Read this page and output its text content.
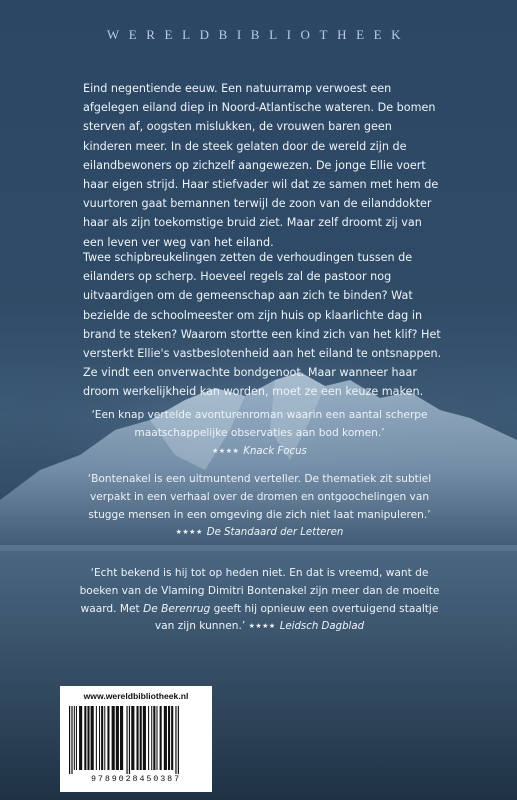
WERELDBIBLIOTHEEK

Eind negentiende eeuw. Een natuurramp verwoest een afgelegen eiland diep in Noord-Atlantische wateren. De bomen sterven af, oogsten mislukken, de vrouwen baren geen kinderen meer. In de steek gelaten door de wereld zijn de eilandbewoners op zichzelf aangewezen. De jonge Ellie voert haar eigen strijd. Haar stiefvader wil dat ze samen met hem de vuurtoren gaat bemannen terwijl de zoon van de eilanddokter haar als zijn toekomstige bruid ziet. Maar zelf droomt zij van een leven ver weg van het eiland.

Twee schipbreukelingen zetten de verhoudingen tussen de eilanders op scherp. Hoeveel regels zal de pastoor nog uitvaardigen om de gemeenschap aan zich te binden? Wat bezielde de schoolmeester om zijn huis op klaarlichte dag in brand te steken? Waarom stortte een kind zich van het klif? Het versterkt Ellie's vastbeslotenheid aan het eiland te ontsnappen. Ze vindt een onverwachte bondgenoot. Maar wanneer haar droom werkelijkheid kan worden, moet ze een keuze maken.

‘Een knap vertelde avonturenroman waarin een aantal scherpe maatschappelijke observaties aan bod komen.’
★★★★ Knack Focus

‘Bontenakel is een uitmuntend verteller. De thematiek zit subtiel verpakt in een verhaal over de dromen en ontgoochelingen van stugge mensen in een omgeving die zich niet laat manipuleren.’
★★★★ De Standaard der Letteren

‘Echt bekend is hij tot op heden niet. En dat is vreemd, want de boeken van de Vlaming Dimitri Bontenakel zijn meer dan de moeite waard. Met De Berenrug geeft hij opnieuw een overtuigend staaltje van zijn kunnen.’ ★★★★ Leidsch Dagblad

www.wereldbibliotheek.nl
9789028450387
